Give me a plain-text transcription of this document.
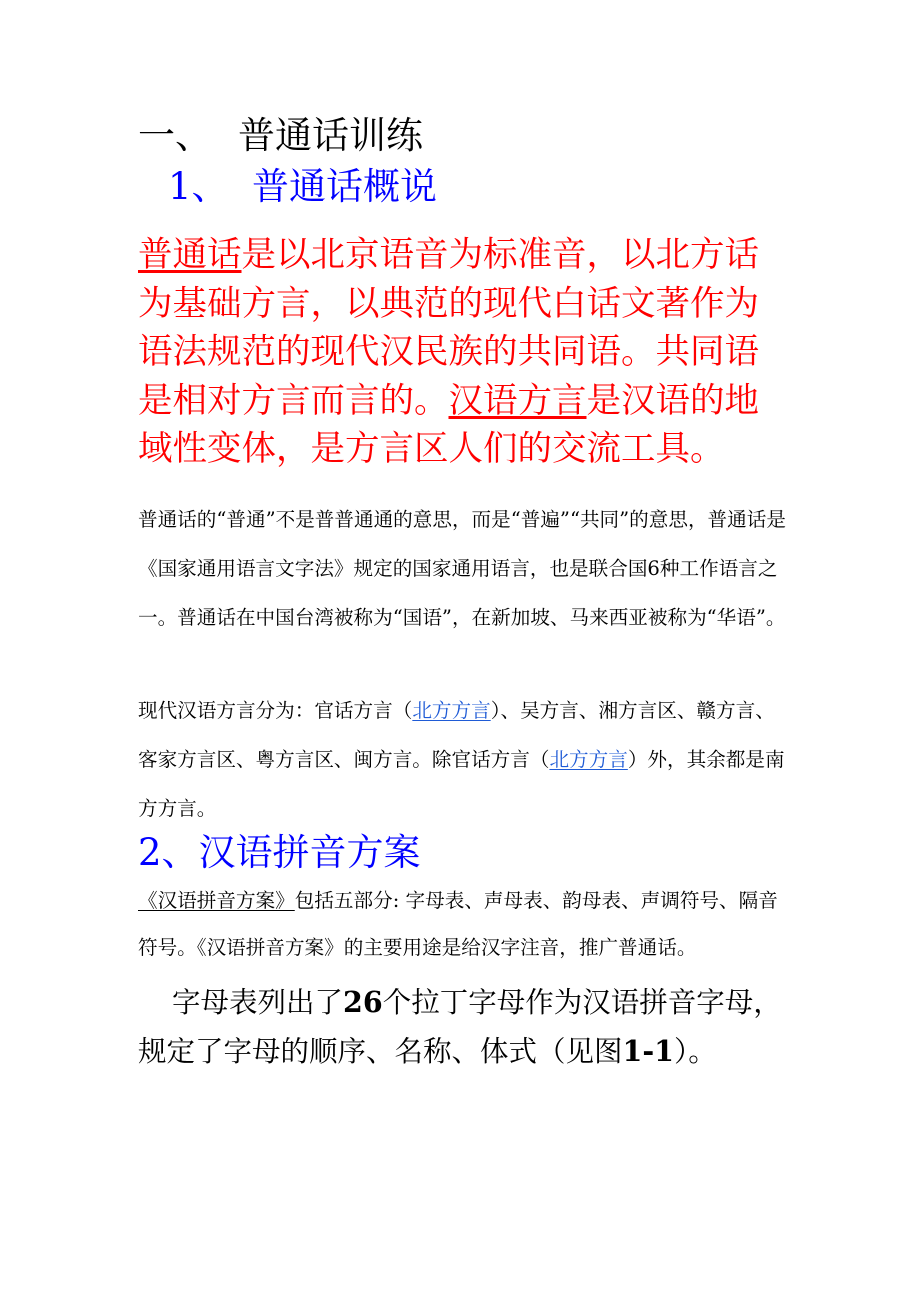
一、 普通话训练
1、 普通话概说
普通话是以北京语音为标准音，以北方话为基础方言，以典范的现代白话文著作为语法规范的现代汉民族的共同语。共同语是相对方言而言的。汉语方言是汉语的地域性变体，是方言区人们的交流工具。
普通话的“普通”不是普普通通的意思，而是“普遍”“共同”的意思，普通话是《国家通用语言文字法》规定的国家通用语言，也是联合国6种工作语言之一。普通话在中国台湾被称为“国语”，在新加坡、马来西亚被称为“华语”。
现代汉语方言分为：官话方言（北方方言）、吴方言、湘方言区、赣方言、客家方言区、粤方言区、闽方言。除官话方言（北方方言）外，其余都是南方方言。
2、汉语拼音方案
《汉语拼音方案》包括五部分: 字母表、声母表、韵母表、声调符号、隔音符号。《汉语拼音方案》的主要用途是给汉字注音，推广普通话。
字母表列出了26个拉丁字母作为汉语拼音字母，规定了字母的顺序、名称、体式（见图1-1）。
